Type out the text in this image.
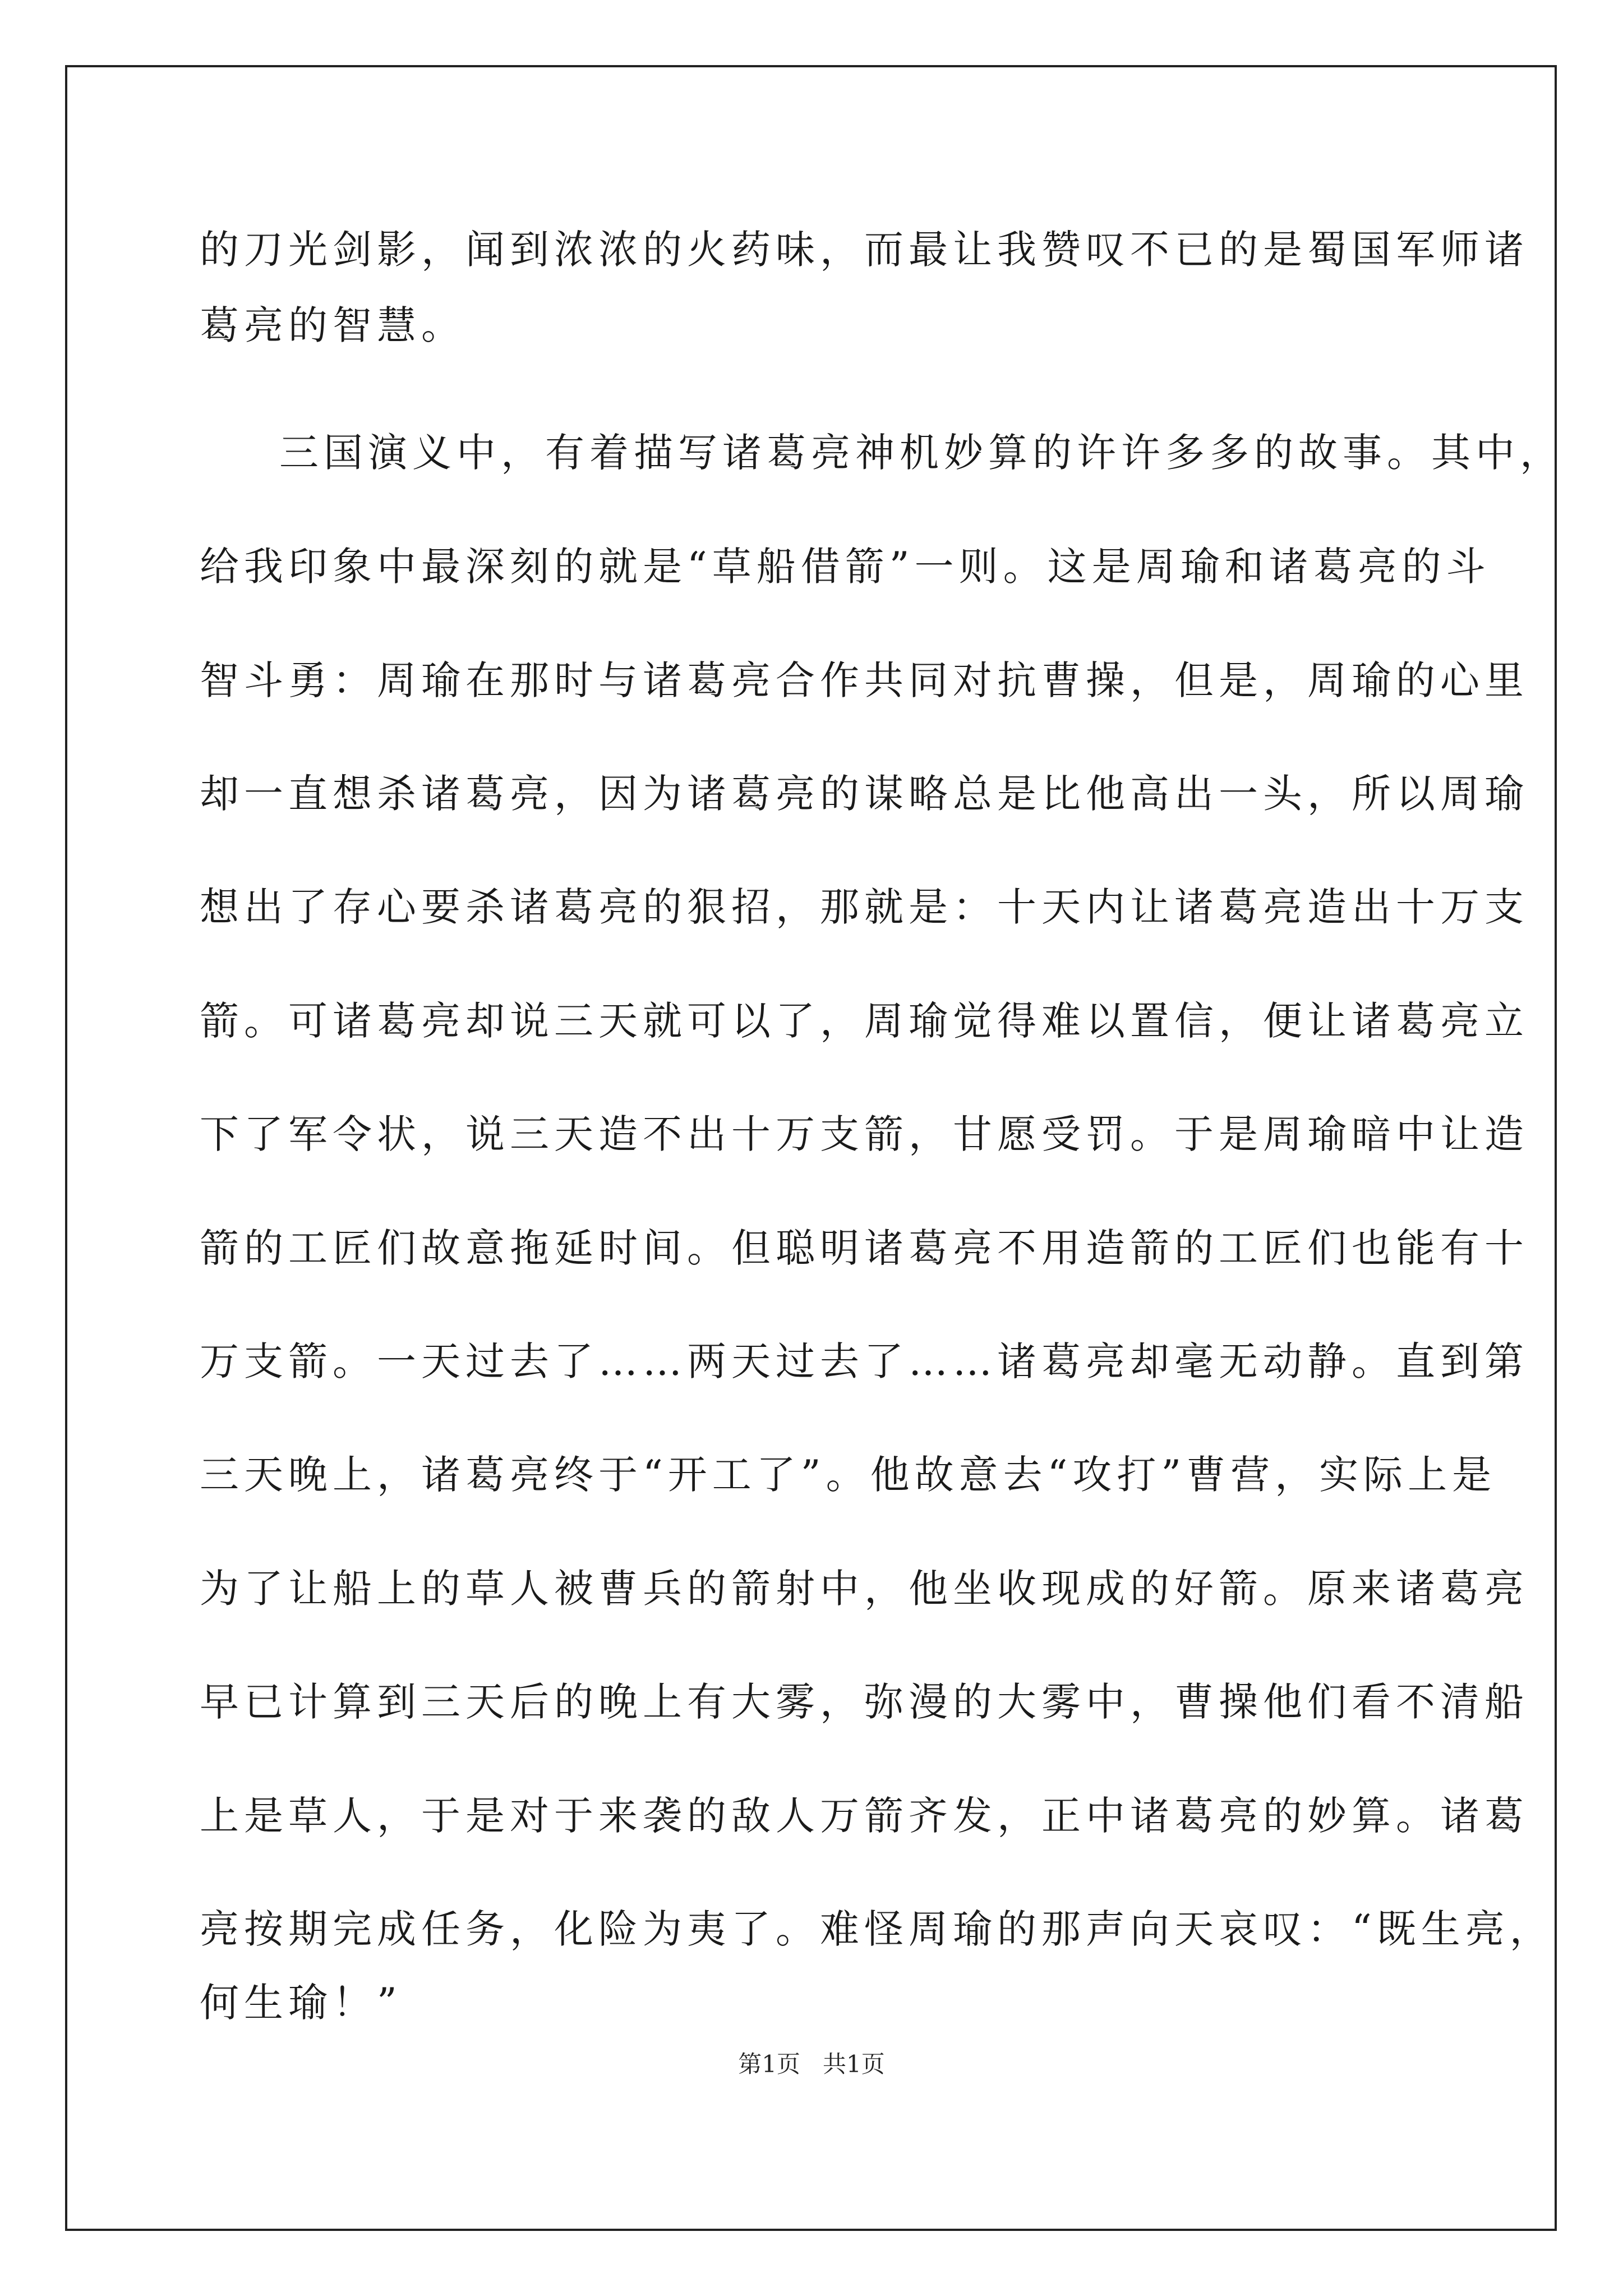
的刀光剑影，闻到浓浓的火药味，而最让我赞叹不已的是蜀国军师诸
葛亮的智慧。
三国演义中，有着描写诸葛亮神机妙算的许许多多的故事。其中，
给我印象中最深刻的就是“草船借箭”一则。这是周瑜和诸葛亮的斗
智斗勇：周瑜在那时与诸葛亮合作共同对抗曹操，但是，周瑜的心里
却一直想杀诸葛亮，因为诸葛亮的谋略总是比他高出一头，所以周瑜
想出了存心要杀诸葛亮的狠招，那就是：十天内让诸葛亮造出十万支
箭。可诸葛亮却说三天就可以了，周瑜觉得难以置信，便让诸葛亮立
下了军令状，说三天造不出十万支箭，甘愿受罚。于是周瑜暗中让造
箭的工匠们故意拖延时间。但聪明诸葛亮不用造箭的工匠们也能有十
万支箭。一天过去了……两天过去了……诸葛亮却毫无动静。直到第
三天晚上，诸葛亮终于“开工了”。他故意去“攻打”曹营，实际上是
为了让船上的草人被曹兵的箭射中，他坐收现成的好箭。原来诸葛亮
早已计算到三天后的晚上有大雾，弥漫的大雾中，曹操他们看不清船
上是草人，于是对于来袭的敌人万箭齐发，正中诸葛亮的妙算。诸葛
亮按期完成任务，化险为夷了。难怪周瑜的那声向天哀叹：“既生亮，
何生瑜！”
第1页   共1页
